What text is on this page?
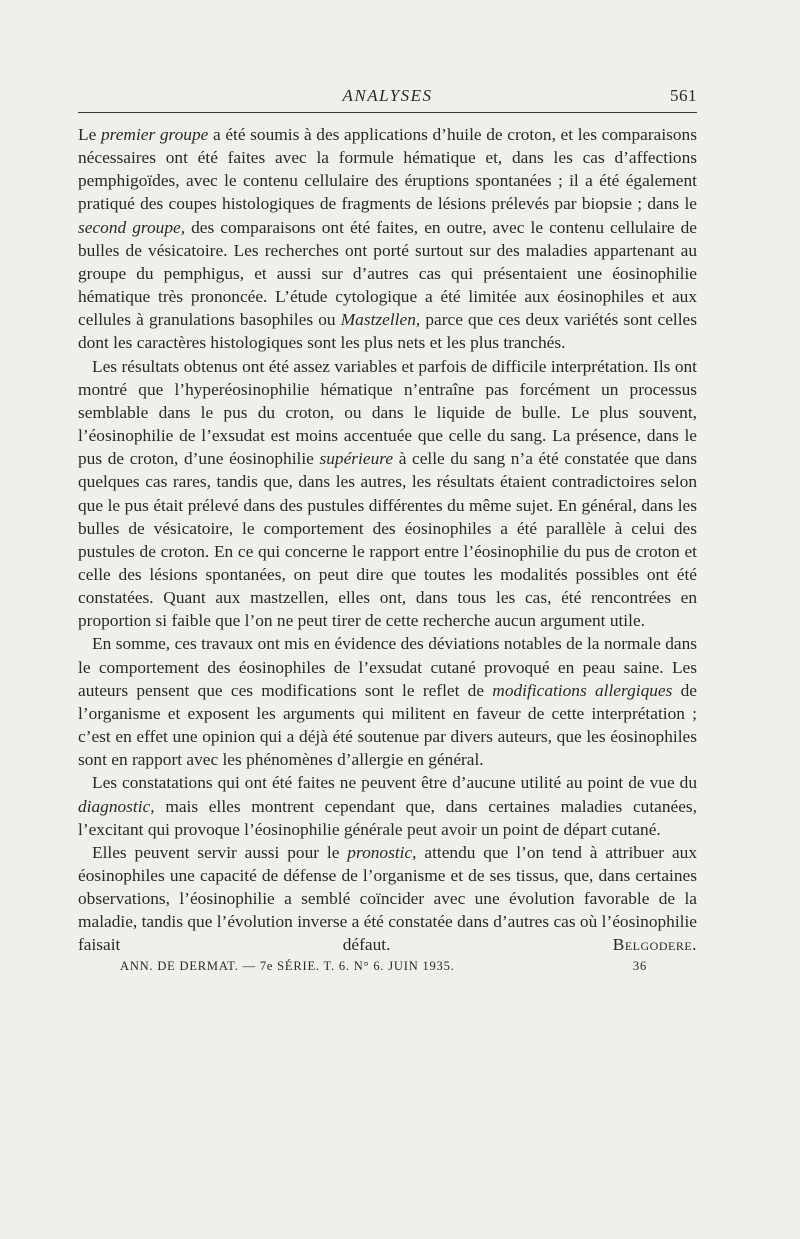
ANALYSES	561

Le premier groupe a été soumis à des applications d’huile de croton, et les comparaisons nécessaires ont été faites avec la formule hématique et, dans les cas d’affections pemphigoïdes, avec le contenu cellulaire des éruptions spontanées ; il a été également pratiqué des coupes histologiques de fragments de lésions prélevés par biopsie ; dans le second groupe, des comparaisons ont été faites, en outre, avec le contenu cellulaire de bulles de vésicatoire. Les recherches ont porté surtout sur des maladies appartenant au groupe du pemphigus, et aussi sur d’autres cas qui présentaient une éosinophilie hématique très prononcée. L’étude cytologique a été limitée aux éosinophiles et aux cellules à granulations basophiles ou Mastzellen, parce que ces deux variétés sont celles dont les caractères histologiques sont les plus nets et les plus tranchés.

Les résultats obtenus ont été assez variables et parfois de difficile interprétation. Ils ont montré que l’hyperéosinophilie hématique n’entraîne pas forcément un processus semblable dans le pus du croton, ou dans le liquide de bulle. Le plus souvent, l’éosinophilie de l’exsudat est moins accentuée que celle du sang. La présence, dans le pus de croton, d’une éosinophilie supérieure à celle du sang n’a été constatée que dans quelques cas rares, tandis que, dans les autres, les résultats étaient contradictoires selon que le pus était prélevé dans des pustules différentes du même sujet. En général, dans les bulles de vésicatoire, le comportement des éosinophiles a été parallèle à celui des pustules de croton. En ce qui concerne le rapport entre l’éosinophilie du pus de croton et celle des lésions spontanées, on peut dire que toutes les modalités possibles ont été constatées. Quant aux mastzellen, elles ont, dans tous les cas, été rencontrées en proportion si faible que l’on ne peut tirer de cette recherche aucun argument utile.

En somme, ces travaux ont mis en évidence des déviations notables de la normale dans le comportement des éosinophiles de l’exsudat cutané provoqué en peau saine. Les auteurs pensent que ces modifications sont le reflet de modifications allergiques de l’organisme et exposent les arguments qui militent en faveur de cette interprétation ; c’est en effet une opinion qui a déjà été soutenue par divers auteurs, que les éosinophiles sont en rapport avec les phénomènes d’allergie en général.

Les constatations qui ont été faites ne peuvent être d’aucune utilité au point de vue du diagnostic, mais elles montrent cependant que, dans certaines maladies cutanées, l’excitant qui provoque l’éosinophilie générale peut avoir un point de départ cutané.

Elles peuvent servir aussi pour le pronostic, attendu que l’on tend à attribuer aux éosinophiles une capacité de défense de l’organisme et de ses tissus, que, dans certaines observations, l’éosinophilie a semblé coïncider avec une évolution favorable de la maladie, tandis que l’évolution inverse a été constatée dans d’autres cas où l’éosinophilie faisait défaut. Belgodere.

ANN. DE DERMAT. — 7e SÉRIE. T. 6. N° 6. JUIN 1935.	36
